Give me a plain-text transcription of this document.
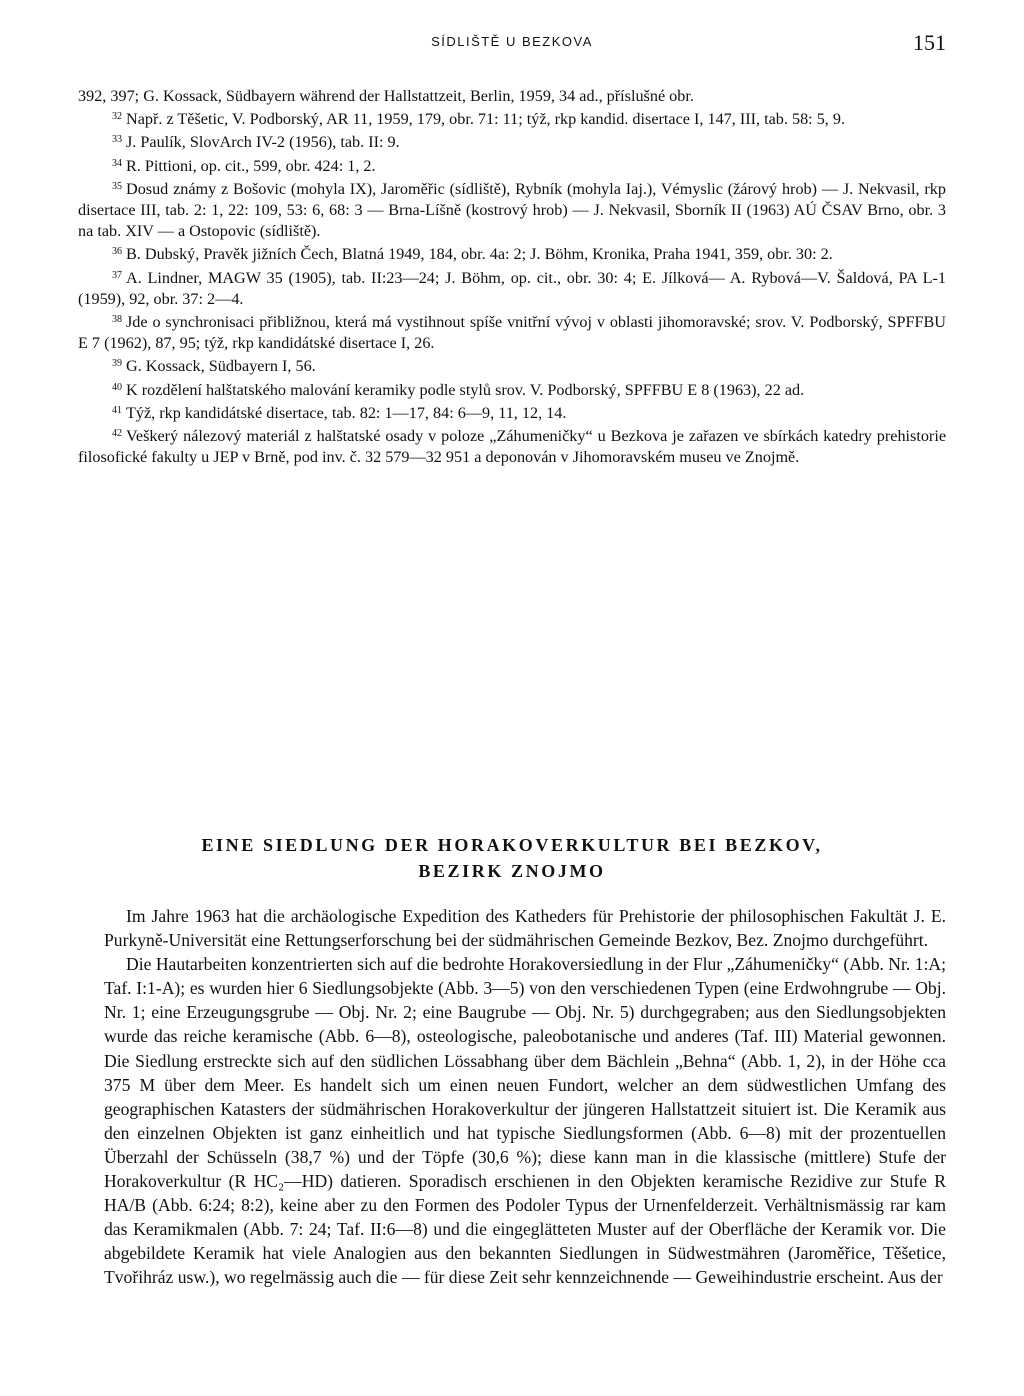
SÍDLIŠTĚ U BEZKOVA	151

392, 397; G. Kossack, Südbayern während der Hallstattzeit, Berlin, 1959, 34 ad., příslušné obr.

$^{32}$ Např. z Těšetic, V. Podborský, AR 11, 1959, 179, obr. 71: 11; týž, rkp kandid. disertace I, 147, III, tab. 58: 5, 9.

$^{33}$ J. Paulík, SlovArch IV-2 (1956), tab. II: 9.

$^{34}$ R. Pittioni, op. cit., 599, obr. 424: 1, 2.

$^{35}$ Dosud známy z Bošovic (mohyla IX), Jaroměřic (sídliště), Rybník (mohyla Iaj.), Vémyslic (žárový hrob) — J. Nekvasil, rkp disertace III, tab. 2: 1, 22: 109, 53: 6, 68: 3 — Brna-Líšně (kostrový hrob) — J. Nekvasil, Sborník II (1963) AÚ ČSAV Brno, obr. 3 na tab. XIV — a Ostopovic (sídliště).

$^{36}$ B. Dubský, Pravěk jižních Čech, Blatná 1949, 184, obr. 4a: 2; J. Böhm, Kronika, Praha 1941, 359, obr. 30: 2.

$^{37}$ A. Lindner, MAGW 35 (1905), tab. II:23—24; J. Böhm, op. cit., obr. 30: 4; E. Jílková— A. Rybová—V. Šaldová, PA L-1 (1959), 92, obr. 37: 2—4.

$^{38}$ Jde o synchronisaci přibližnou, která má vystihnout spíše vnitřní vývoj v oblasti jihomoravské; srov. V. Podborský, SPFFBU E 7 (1962), 87, 95; týž, rkp kandidátské disertace I, 26.

$^{39}$ G. Kossack, Südbayern I, 56.

$^{40}$ K rozdělení halštatského malování keramiky podle stylů srov. V. Podborský, SPFFBU E 8 (1963), 22 ad.

$^{41}$ Týž, rkp kandidátské disertace, tab. 82: 1—17, 84: 6—9, 11, 12, 14.

$^{42}$ Veškerý nálezový materiál z halštatské osady v poloze „Záhumeničky“ u Bezkova je zařazen ve sbírkách katedry prehistorie filosofické fakulty u JEP v Brně, pod inv. č. 32 579—32 951 a deponován v Jihomoravském museu ve Znojmě.

EINE SIEDLUNG DER HORAKOVERKULTUR BEI BEZKOV,
BEZIRK ZNOJMO

Im Jahre 1963 hat die archäologische Expedition des Katheders für Prehistorie der philosophischen Fakultät J. E. Purkyně-Universität eine Rettungserforschung bei der südmährischen Gemeinde Bezkov, Bez. Znojmo durchgeführt.

Die Hautarbeiten konzentrierten sich auf die bedrohte Horakoversiedlung in der Flur „Záhumeničky“ (Abb. Nr. 1:A; Taf. I:1-A); es wurden hier 6 Siedlungsobjekte (Abb. 3—5) von den verschiedenen Typen (eine Erdwohngrube — Obj. Nr. 1; eine Erzeugungsgrube — Obj. Nr. 2; eine Baugrube — Obj. Nr. 5) durchgegraben; aus den Siedlungsobjekten wurde das reiche keramische (Abb. 6—8), osteologische, paleobotanische und anderes (Taf. III) Material gewonnen. Die Siedlung erstreckte sich auf den südlichen Lössabhang über dem Bächlein „Behna“ (Abb. 1, 2), in der Höhe cca 375 M über dem Meer. Es handelt sich um einen neuen Fundort, welcher an dem südwestlichen Umfang des geographischen Katasters der südmährischen Horakoverkultur der jüngeren Hallstattzeit situiert ist. Die Keramik aus den einzelnen Objekten ist ganz einheitlich und hat typische Siedlungsformen (Abb. 6—8) mit der prozentuellen Überzahl der Schüsseln (38,7 %) und der Töpfe (30,6 %); diese kann man in die klassische (mittlere) Stufe der Horakoverkultur (R HC₂—HD) datieren. Sporadisch erschienen in den Objekten keramische Rezidive zur Stufe R HA/B (Abb. 6:24; 8:2), keine aber zu den Formen des Podoler Typus der Urnenfelderzeit. Verhältnismässig rar kam das Keramikmalen (Abb. 7: 24; Taf. II:6—8) und die eingeglätteten Muster auf der Oberfläche der Keramik vor. Die abgebildete Keramik hat viele Analogien aus den bekannten Siedlungen in Südwestmähren (Jaroměřice, Těšetice, Tvořihráz usw.), wo regelmässig auch die — für diese Zeit sehr kennzeichnende — Geweihindustrie erscheint. Aus der
